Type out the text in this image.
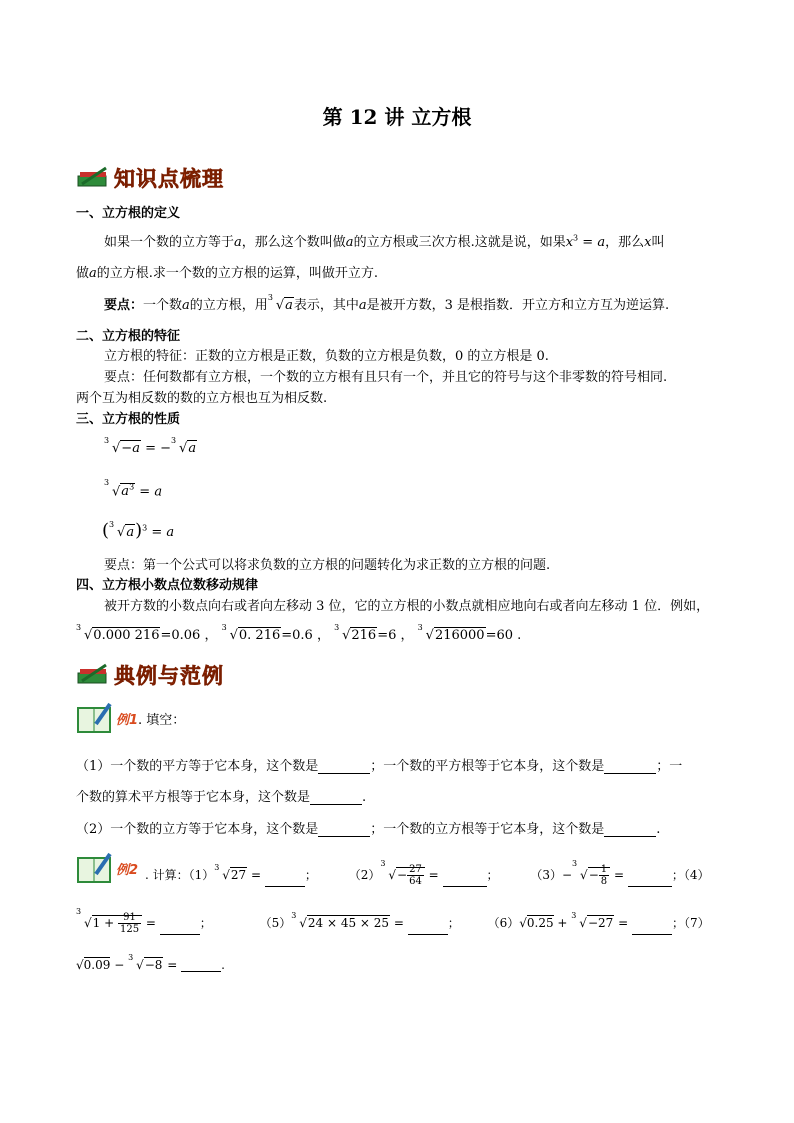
第 12 讲 立方根
知识点梳理
一、立方根的定义
如果一个数的立方等于a，那么这个数叫做a的立方根或三次方根.这就是说，如果$x^3 = a$，那么x叫
做a的立方根.求一个数的立方根的运算，叫做开立方.
要点：一个数a的立方根，用
3
√a表示，其中a是被开方数，3 是根指数．开立方和立方互为逆运算.
二、立方根的特征
立方根的特征：正数的立方根是正数，负数的立方根是负数，0 的立方根是 0.
要点：任何数都有立方根，一个数的立方根有且只有一个，并且它的符号与这个非零数的符号相同.
两个互为相反数的数的立方根也互为相反数.
三、立方根的性质
3
√−a = −
3
√a
3
$√a^3 = a$
( 3
√a)$^3$ = a
要点：第一个公式可以将求负数的立方根的问题转化为求正数的立方根的问题.
四、立方根小数点位数移动规律
被开方数的小数点向右或者向左移动 3 位，它的立方根的小数点就相应地向右或者向左移动 1 位．例如，
3
√0.000 216=0.06 ，
3
√0. 216=0.6 ，
3
√216=6 ，
3
√216000=60 .
典例与范例
例1 . 填空：
（1）一个数的平方等于它本身，这个数是	；一个数的平方根等于它本身，这个数是	；一
个数的算术平方根等于它本身，这个数是	.
（2）一个数的立方等于它本身，这个数是	；一个数的立方根等于它本身，这个数是	.
例2 . 计算：（1）
3
√27 =	； （2）
3
√− $\frac{27}{64}$ =	； （3）−
3
√− $\frac{1}{8}$ =	；（4）
3
$√1 + \frac{91}{125}$ =	；	（5）
3
√24 × 45 × 25 =	； （6）√0.25 +
3
√−27 =	；（7）
√0.09 −
3
√−8 =	.
